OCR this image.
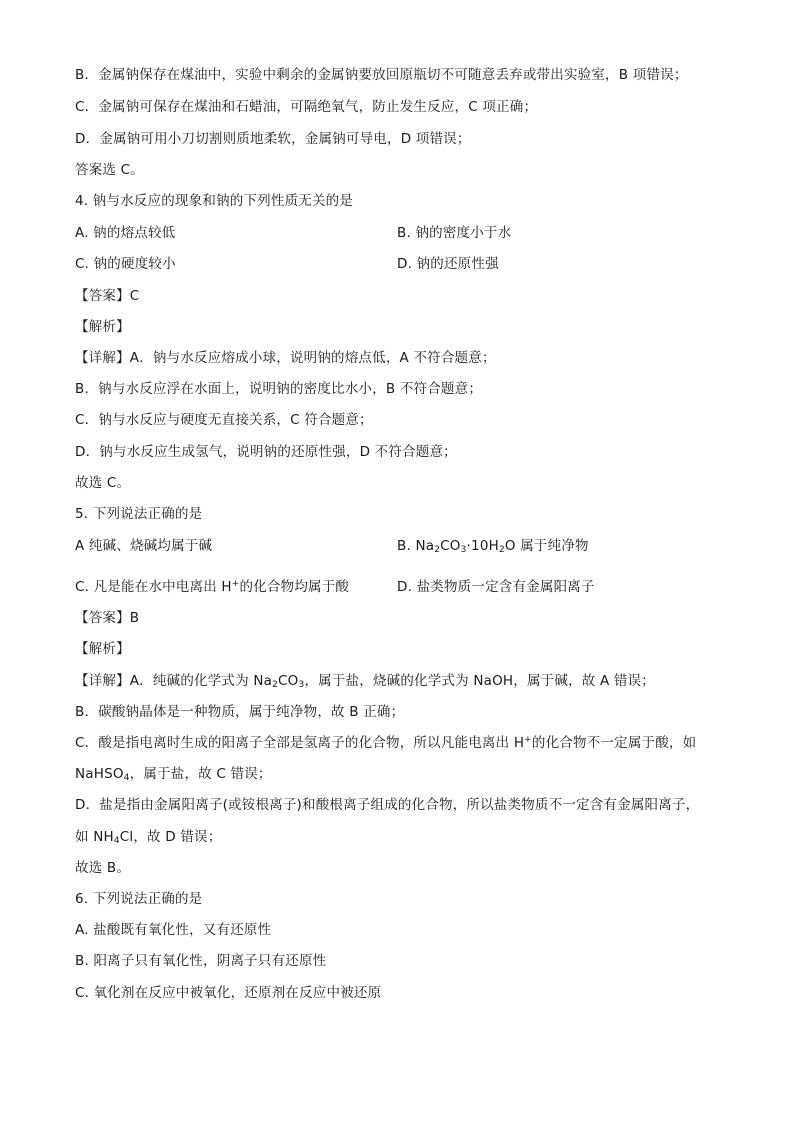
B．金属钠保存在煤油中，实验中剩余的金属钠要放回原瓶切不可随意丢弃或带出实验室，B 项错误；
C．金属钠可保存在煤油和石蜡油，可隔绝氧气，防止发生反应，C 项正确；
D．金属钠可用小刀切割则质地柔软，金属钠可导电，D 项错误；
答案选 C。
4. 钠与水反应的现象和钠的下列性质无关的是
A. 钠的熔点较低	B. 钠的密度小于水
C. 钠的硬度较小	D. 钠的还原性强
【答案】C
【解析】
【详解】A．钠与水反应熔成小球，说明钠的熔点低，A 不符合题意；
B．钠与水反应浮在水面上，说明钠的密度比水小，B 不符合题意；
C．钠与水反应与硬度无直接关系，C 符合题意；
D．钠与水反应生成氢气，说明钠的还原性强，D 不符合题意；
故选 C。
5. 下列说法正确的是
A 纯碱、烧碱均属于碱	B. $Na_2CO_3\cdot 10H_2O$ 属于纯净物
C. 凡是能在水中电离出 H+的化合物均属于酸	D. 盐类物质一定含有金属阳离子
【答案】B
【解析】
【详解】A．纯碱的化学式为 $Na_2CO_3$，属于盐，烧碱的化学式为 NaOH，属于碱，故 A 错误；
B．碳酸钠晶体是一种物质，属于纯净物，故 B 正确；
C．酸是指电离时生成的阳离子全部是氢离子的化合物，所以凡能电离出 H+的化合物不一定属于酸，如
NaHSO$_4$，属于盐，故 C 错误；
D．盐是指由金属阳离子(或铵根离子)和酸根离子组成的化合物，所以盐类物质不一定含有金属阳离子，
如 $NH_4Cl$，故 D 错误；
故选 B。
6. 下列说法正确的是
A. 盐酸既有氧化性，又有还原性
B. 阳离子只有氧化性，阴离子只有还原性
C. 氧化剂在反应中被氧化，还原剂在反应中被还原
